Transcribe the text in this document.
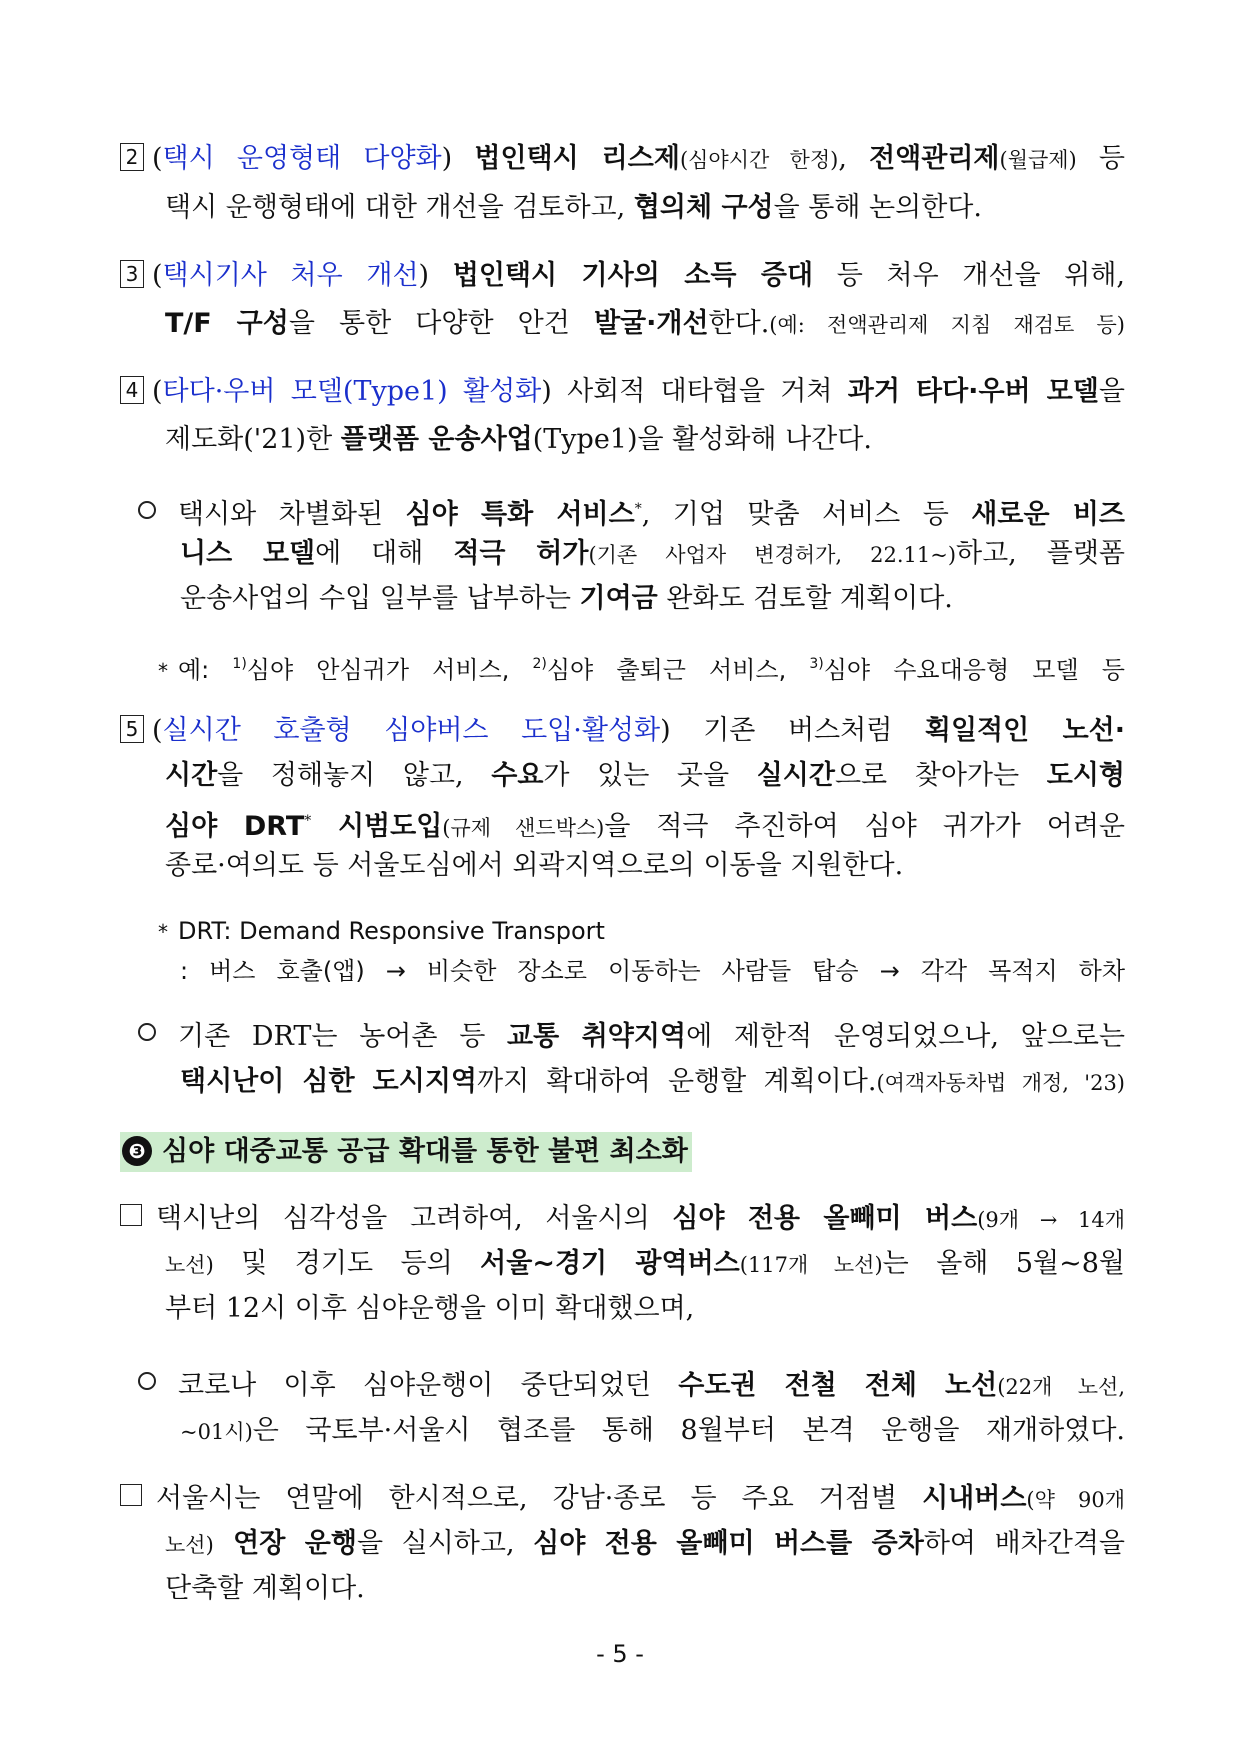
2 (택시 운영형태 다양화) 법인택시 리스제(심야시간 한정), 전액관리제(월급제) 등
택시 운행형태에 대한 개선을 검토하고, 협의체 구성을 통해 논의한다.
3 (택시기사 처우 개선) 법인택시 기사의 소득 증대 등 처우 개선을 위해,
T/F 구성을 통한 다양한 안건 발굴·개선한다.(예: 전액관리제 지침 재검토 등)
4 (타다·우버 모델(Type1) 활성화) 사회적 대타협을 거쳐 과거 타다·우버 모델을
제도화('21)한 플랫폼 운송사업(Type1)을 활성화해 나간다.
택시와 차별화된 심야 특화 서비스*, 기업 맞춤 서비스 등 새로운 비즈
니스 모델에 대해 적극 허가(기존 사업자 변경허가, 22.11~)하고, 플랫폼
운송사업의 수입 일부를 납부하는 기여금 완화도 검토할 계획이다.
* 예: $^{1)}$심야 안심귀가 서비스, $^{2)}$심야 출퇴근 서비스, $^{3)}$심야 수요대응형 모델 등
5 (실시간 호출형 심야버스 도입·활성화) 기존 버스처럼 획일적인 노선·
시간을 정해놓지 않고, 수요가 있는 곳을 실시간으로 찾아가는 도시형
심야 DRT* 시범도입(규제 샌드박스)을 적극 추진하여 심야 귀가가 어려운
종로·여의도 등 서울도심에서 외곽지역으로의 이동을 지원한다.
* DRT: Demand Responsive Transport
: 버스 호출(앱) → 비슷한 장소로 이동하는 사람들 탑승 → 각각 목적지 하차
기존 DRT는 농어촌 등 교통 취약지역에 제한적 운영되었으나, 앞으로는
택시난이 심한 도시지역까지 확대하여 운행할 계획이다.(여객자동차법 개정, '23)
❸ 심야 대중교통 공급 확대를 통한 불편 최소화
택시난의 심각성을 고려하여, 서울시의 심야 전용 올빼미 버스(9개 → 14개
노선) 및 경기도 등의 서울~경기 광역버스(117개 노선)는 올해 5월~8월
부터 12시 이후 심야운행을 이미 확대했으며,
코로나 이후 심야운행이 중단되었던 수도권 전철 전체 노선(22개 노선,
~01시)은 국토부·서울시 협조를 통해 8월부터 본격 운행을 재개하였다.
서울시는 연말에 한시적으로, 강남·종로 등 주요 거점별 시내버스(약 90개
노선) 연장 운행을 실시하고, 심야 전용 올빼미 버스를 증차하여 배차간격을
단축할 계획이다.
- 5 -
